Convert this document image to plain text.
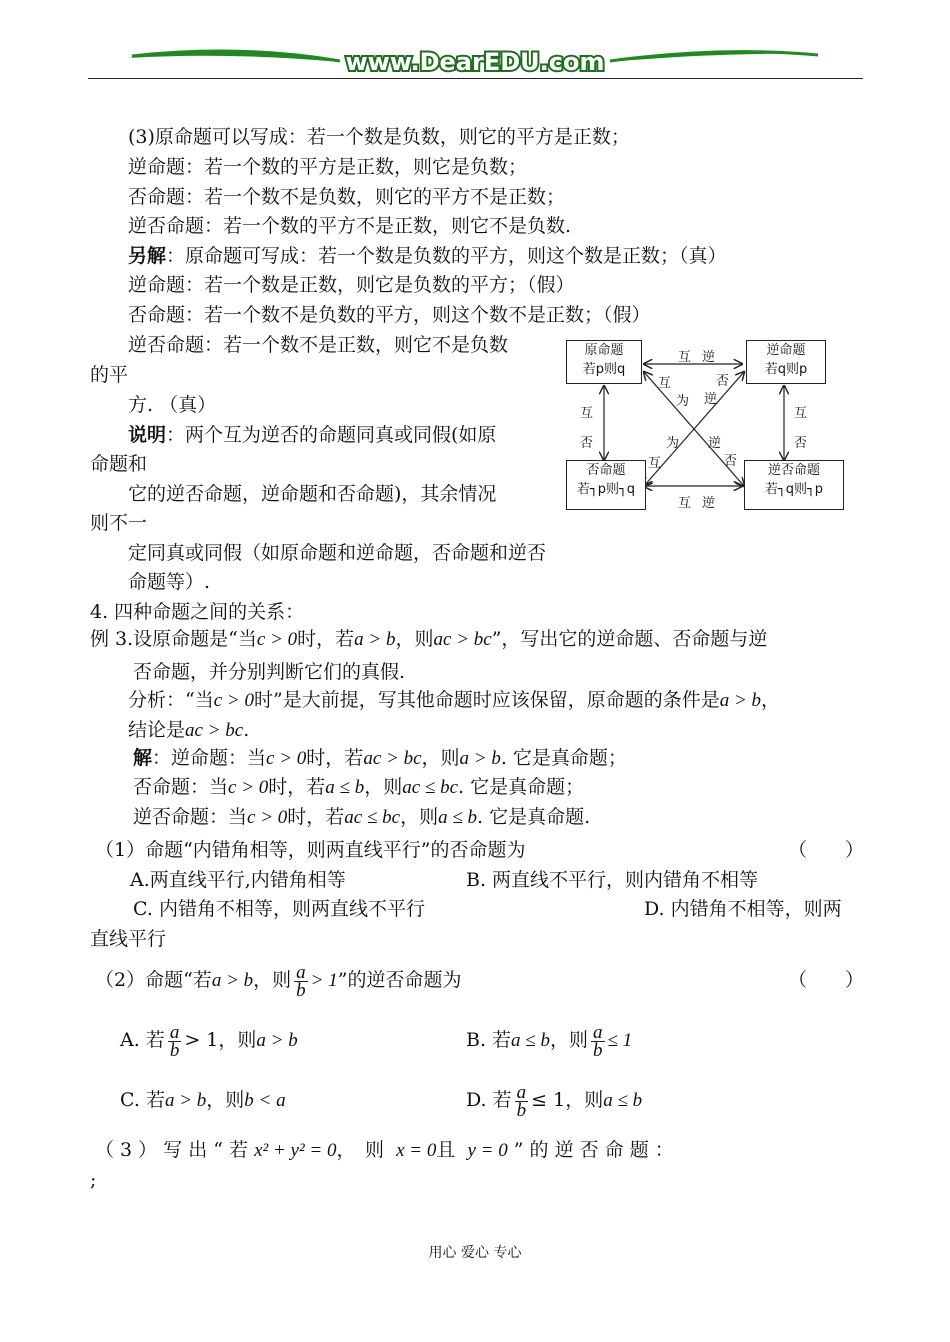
www.DearEDU.com
(3)原命题可以写成：若一个数是负数，则它的平方是正数；
逆命题：若一个数的平方是正数，则它是负数；
否命题：若一个数不是负数，则它的平方不是正数；
逆否命题：若一个数的平方不是正数，则它不是负数.
另解：原命题可写成：若一个数是负数的平方，则这个数是正数；（真）
逆命题：若一个数是正数，则它是负数的平方；（假）
否命题：若一个数不是负数的平方，则这个数不是正数；（假）
逆否命题：若一个数不是正数，则它不是负数
的平
方. （真）
说明：两个互为逆否的命题同真或同假(如原
命题和
它的逆否命题，逆命题和否命题)，其余情况
则不一
定同真或同假（如原命题和逆命题，否命题和逆否
命题等）.
4. 四种命题之间的关系：
例 3.设原命题是“当c > 0时，若a > b，则ac > bc”，写出它的逆命题、否命题与逆
否命题，并分别判断它们的真假.
分析：“当c > 0时”是大前提，写其他命题时应该保留，原命题的条件是a > b，
结论是ac > bc.
解：逆命题：当c > 0时，若ac > bc，则a > b. 它是真命题；
否命题：当c > 0时，若a ≤ b，则ac ≤ bc. 它是真命题；
逆否命题：当c > 0时，若ac ≤ bc，则a ≤ b. 它是真命题.
（1）命题“内错角相等，则两直线平行”的否命题为	（　　）
A.两直线平行,内错角相等	B. 两直线不平行，则内错角不相等
C. 内错角不相等，则两直线不平行	D. 内错角不相等，则两
直线平行
（2）命题“若a > b，则 $\frac{a}{b} > 1$”的逆否命题为	（　　）
A. 若 $\frac{a}{b} > 1$，则a > b	B. 若a ≤ b，则 $\frac{a}{b} \le 1$
C. 若a > b，则b < a	D. 若 $\frac{a}{b} \le 1$，则a ≤ b
（ 3 ） 写 出 “ 若 x² + y² = 0，　则 x = 0且 y = 0 ” 的 逆 否 命 题 ：
;
原命题
若p则q
逆命题
若q则p
否命题
若┐p则┐q
逆否命题
若┐q则┐p
互 逆
互 逆
互
否
互
否
互
为
否
逆
为
互
逆
否
用心 爱心 专心
